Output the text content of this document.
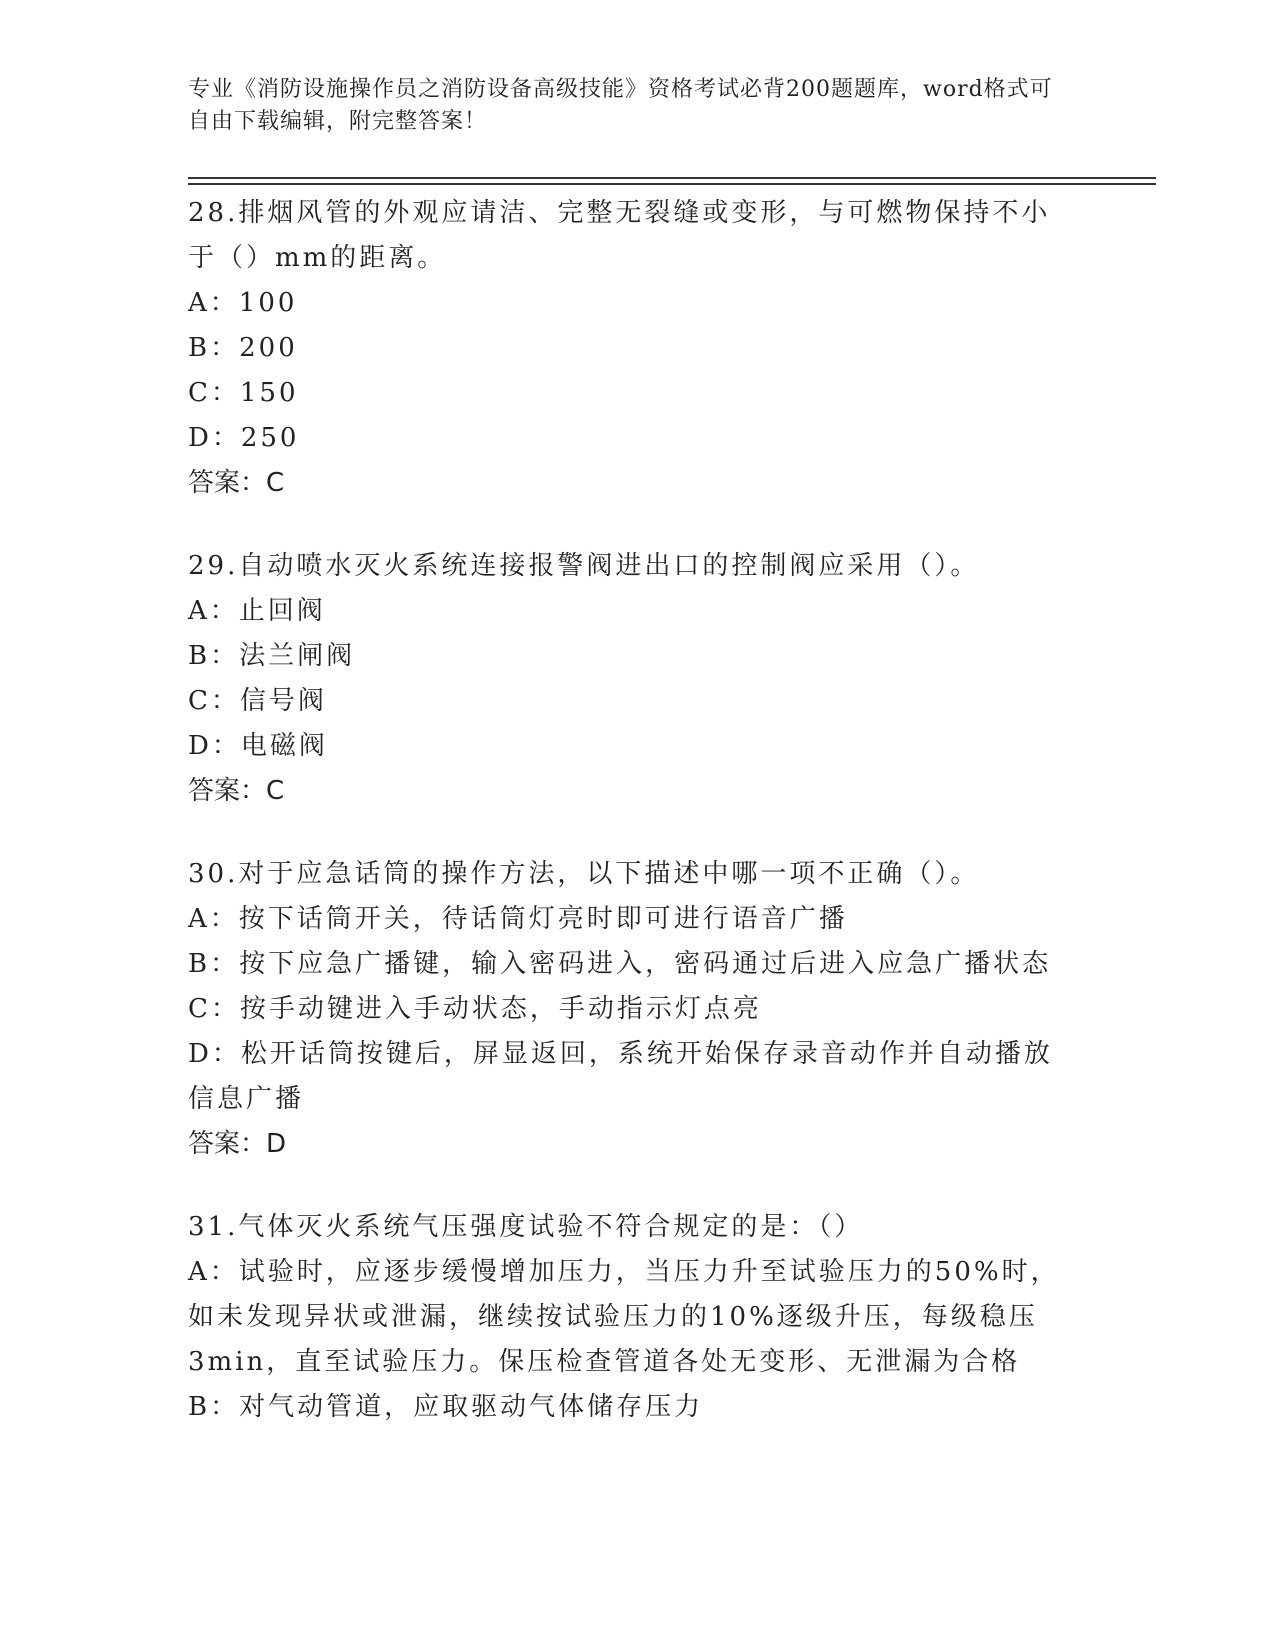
专业《消防设施操作员之消防设备高级技能》资格考试必背200题题库，word格式可自由下载编辑，附完整答案！

28.排烟风管的外观应请洁、完整无裂缝或变形，与可燃物保持不小于（）mm的距离。

A：100

B：200

C：150

D：250

答案：C

29.自动喷水灭火系统连接报警阀进出口的控制阀应采用（）。

A：止回阀

B：法兰闸阀

C：信号阀

D：电磁阀

答案：C

30.对于应急话筒的操作方法，以下描述中哪一项不正确（）。

A：按下话筒开关，待话筒灯亮时即可进行语音广播

B：按下应急广播键，输入密码进入，密码通过后进入应急广播状态

C：按手动键进入手动状态，手动指示灯点亮

D：松开话筒按键后，屏显返回，系统开始保存录音动作并自动播放信息广播

答案：D

31.气体灭火系统气压强度试验不符合规定的是：（）

A：试验时，应逐步缓慢增加压力，当压力升至试验压力的50%时，如未发现异状或泄漏，继续按试验压力的10%逐级升压，每级稳压3min，直至试验压力。保压检查管道各处无变形、无泄漏为合格

B：对气动管道，应取驱动气体储存压力
